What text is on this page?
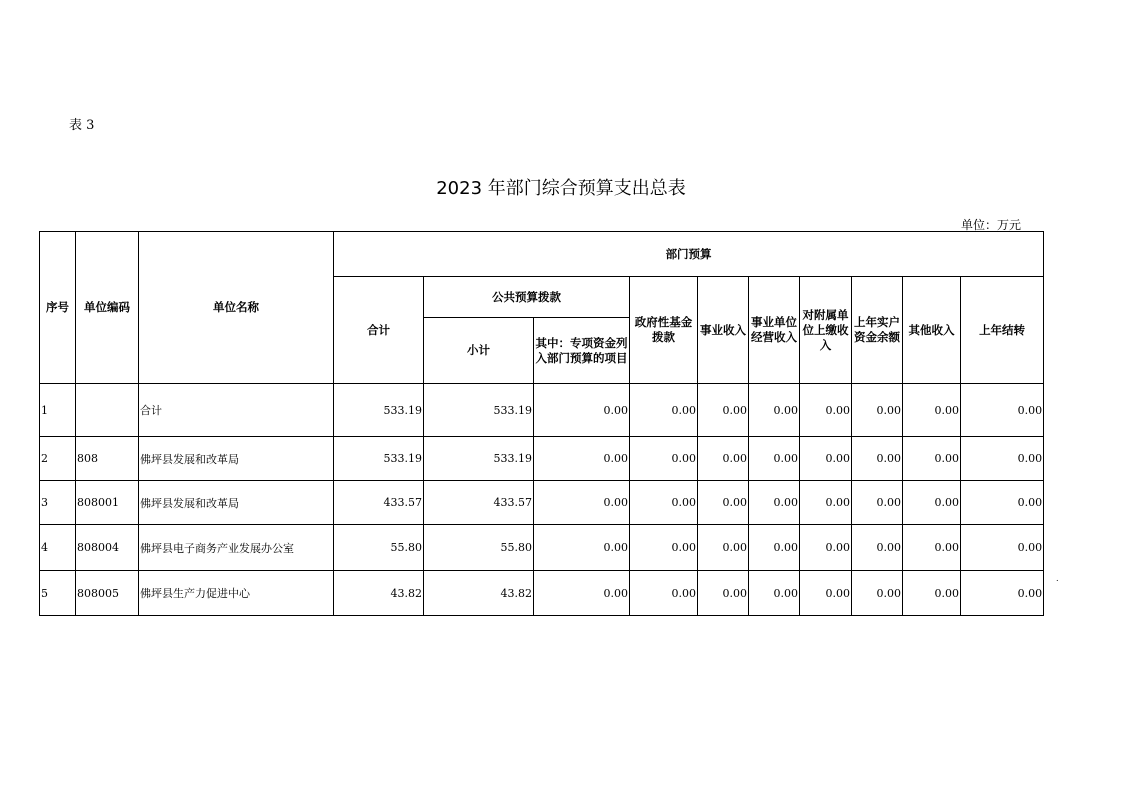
表 3
2023 年部门综合预算支出总表
单位：万元
序号	单位编码	单位名称	部门预算									
			合计	公共预算拨款		政府性基金拨款	事业收入	事业单位经营收入	对附属单位上缴收入	上年实户资金余额	其他收入	上年结转
				小计	其中：专项资金列入部门预算的项目							
1		合计	533.19	533.19	0.00	0.00	0.00	0.00	0.00	0.00	0.00	0.00
2	808	佛坪县发展和改革局	533.19	533.19	0.00	0.00	0.00	0.00	0.00	0.00	0.00	0.00
3	808001	佛坪县发展和改革局	433.57	433.57	0.00	0.00	0.00	0.00	0.00	0.00	0.00	0.00
4	808004	佛坪县电子商务产业发展办公室	55.80	55.80	0.00	0.00	0.00	0.00	0.00	0.00	0.00	0.00
5	808005	佛坪县生产力促进中心	43.82	43.82	0.00	0.00	0.00	0.00	0.00	0.00	0.00	0.00
.
